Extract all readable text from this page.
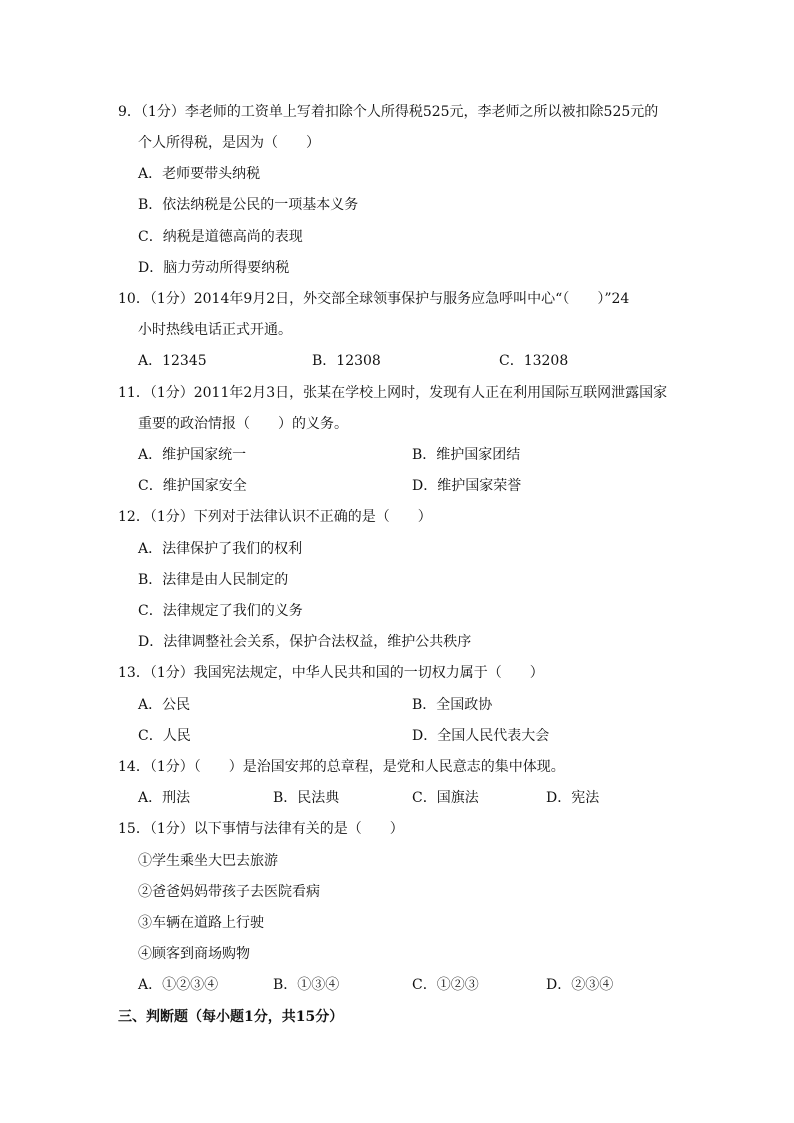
9．（1分）李老师的工资单上写着扣除个人所得税525元，李老师之所以被扣除525元的
个人所得税，是因为（　　）
A．老师要带头纳税
B．依法纳税是公民的一项基本义务
C．纳税是道德高尚的表现
D．脑力劳动所得要纳税
10．（1分）2014年9月2日，外交部全球领事保护与服务应急呼叫中心“（　　）”24
小时热线电话正式开通。
A．12345	B．12308	C．13208
11．（1分）2011年2月3日，张某在学校上网时，发现有人正在利用国际互联网泄露国家
重要的政治情报（　　）的义务。
A．维护国家统一	B．维护国家团结
C．维护国家安全	D．维护国家荣誉
12．（1分）下列对于法律认识不正确的是（　　）
A．法律保护了我们的权利
B．法律是由人民制定的
C．法律规定了我们的义务
D．法律调整社会关系，保护合法权益，维护公共秩序
13．（1分）我国宪法规定，中华人民共和国的一切权力属于（　　）
A．公民	B．全国政协
C．人民	D．全国人民代表大会
14．（1分）（　　）是治国安邦的总章程，是党和人民意志的集中体现。
A．刑法	B．民法典	C．国旗法	D．宪法
15．（1分）以下事情与法律有关的是（　　）
①学生乘坐大巴去旅游
②爸爸妈妈带孩子去医院看病
③车辆在道路上行驶
④顾客到商场购物
A．①②③④	B．①③④	C．①②③	D．②③④
三、判断题（每小题1分，共15分）
